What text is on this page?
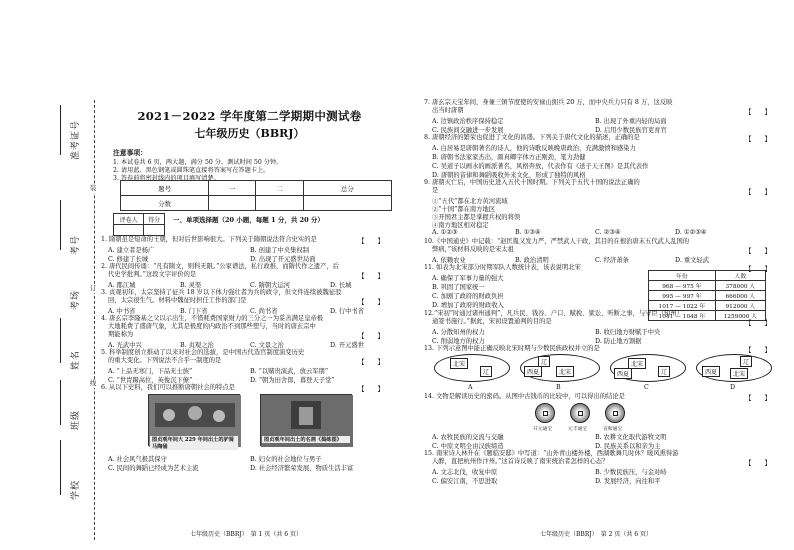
准考证号
考号
考场
姓名
班级
学校
装
订
线
2021－2022 学年度第二学期期中测试卷
七年级历史（BBRJ）
注意事项：
1. 本试卷共 6 页，两大题，满分 50 分，测试时间 50 分钟。
2. 请用蓝、黑色钢笔或圆珠笔直接将答案写在答题卡上。
3. 答卷前将密封线内的项目填写清楚。
题号	一	二	总分
分数			
评卷人	得分
	一、单项选择题（20 小题，每题 1 分，共 20 分）
1. 隋朝虽是短命的王朝，但对后世影响很大。下列关于隋朝说法符合史实的是	【　　】
A. 建立者是杨广	B. 创建了中央集权制
C. 修建了长城	D. 出现了开元盛世局面
2. 唐代民间传诵：“凡有隋文，则科无限。”公家谱法，私行政推，而隋代作之遗产，后
代史学批判。”这段文字评价的是	【　　】
A. 郡江城	B. 灵渠	C. 隋朝大运河	D. 长城
3. 贞观初年，太宗坚持了征兵 18 岁以下体力强壮者为兵的政令，但文件连续被魏征驳
回，太宗很生气。材料中魏征时担任工作的部门是	【　　】
A. 中书省	B. 门下省	C. 尚书省	D. 行中书省
4. 唐玄宗李隆基之父以示出生，不惜耗费国家财力的三分之一为妥善满足皇帝极
大地耗费了盛唐气象，尤其是极度的内政治不到那些塑与，当时的唐玄宗中
期能称为	【　　】
A. 光武中兴	B. 贞观之治	C. 文景之治	D. 开元盛世
5. 科举制度创立推动了以来对社会的选拔，是中国古代选官制度演变历史
的重大变化。下列说法不合乎一制度的是	【　　】
A. “上品无寒门，下品无士族”	B. “以赌贵演武，放云军朋”
C. “世胄蹑高位，英俊沉下僚”	D. “朝为田舍郎，暮登天子堂”
6. 从以下史料，我们可以推断唐朝社会的特点是	【　　】
图贞观年间大 229 年间出土的驴骑马陶俑
图贞观年间出土的名画《捣练图》
A. 社会风气极其保守	B. 妇女的社会地位与男子
C. 民间的舞蹈已经成为艺术主流	D. 社会经济繁荣发展，物质生活丰富
七年级历史（BBRJ）　第 1 页（共 6 页）
7. 唐玄宗天宝年间，身兼三镇节度使的安禄山拥兵 20 万，而中央兵力只有 8 万，这反映
出当时唐朝	【　　】
A. 边镇政治秩序保持稳定	B. 出现了外重内轻的局面
C. 民族间交融进一步发展	D. 启用少数民族官吏育官
8. 唐朝经济的繁荣也促进了文化的昌盛。下列关于唐代文化的描述，正确的是	【　　】
A. 白居易是唐朝著名的诗人，他的诗歌反映晚唐政治，充满激愤和感染力
B. 唐朝书法家家杰出，颜真卿字体方正刚劲，笔力劲健
C. 吴道子以画水的画派著名，风格奔放，代表作有《送子天王图》是其代表作
D. 唐朝的音律和舞蹈吸收外来文化，形成了独特的风格
9. 唐朝灭亡后，中国历史进入五代十国时期。下列关于五代十国的说法正确的
是	【　　】
①“五代”都在北方黄河流域
②“十国”都在南方地区
③开国君主都是掌握兵权的将领
④南方地区相对稳定
A. ①②③	B. ①③④	C. ②③④	D. ①②③④
10.《中国通史》中记载：“赵匡胤又发力严，严禁武人干政，其目的在根治唐末五代武人乱国的
弊病，”该材料反映的是宋太祖	【　　】
A. 依赖农业	B. 政治清明	C. 经济萧条	D. 重文轻武
11. 如表为北宋部分时期军队人数统计表，该表说明北宋	【　　】
A. 确保了军事力量的强大
B. 巩固了国家统一
C. 加剧了政府的财政负担
D. 增加了政府的财政收入
年份	人数
968 — 975 年	378000 人
995 — 997 年	666000 人
1017 — 1022 年	912000 人
1041 — 1048 年	1259000 人
12.“宋初”时通过诸州通判”，凡兵民、钱谷、户口、赋税、狱讼、听断之事，与守臣（知州）
通签书施行。”据此，宋初设置通判的目的是	【　　】
A. 分散知州的权力	B. 收归地方财赋于中央
C. 削弱地方的权力	D. 防止地方割据
13. 下列示意图中能正确反映北宋时期与少数民族政权并立的是	【　　】
北宋
辽
A
辽
北宋
西夏
B
北宋
西夏	辽
C
辽
西夏	北宋
D
14. 文物是解读历史的密码。从图中古钱币的比较中，可以得出的结论是	【　　】
开元通宝	元丰通宝	宣和通宝
A. 农牧民族的交流与交融	B. 农耕文化取代游牧文明
C. 中原文明全由汉族缔造	D. 民族关系以和亲为主
15. 南宋诗人林升在《题临安邸》中写道：“山外青山楼外楼，西湖歌舞几时休？暖风熏得游
人醉，直把杭州作汴州。”这首诗反映了南宋统治者怎样的心态？	【　　】
A. 文志北伐，收复中原	B. 少数民族压，与金对峙
C. 偏安江南，不思进取	D. 发展经济，向往和平
七年级历史（BBRJ）　第 2 页（共 6 页）
